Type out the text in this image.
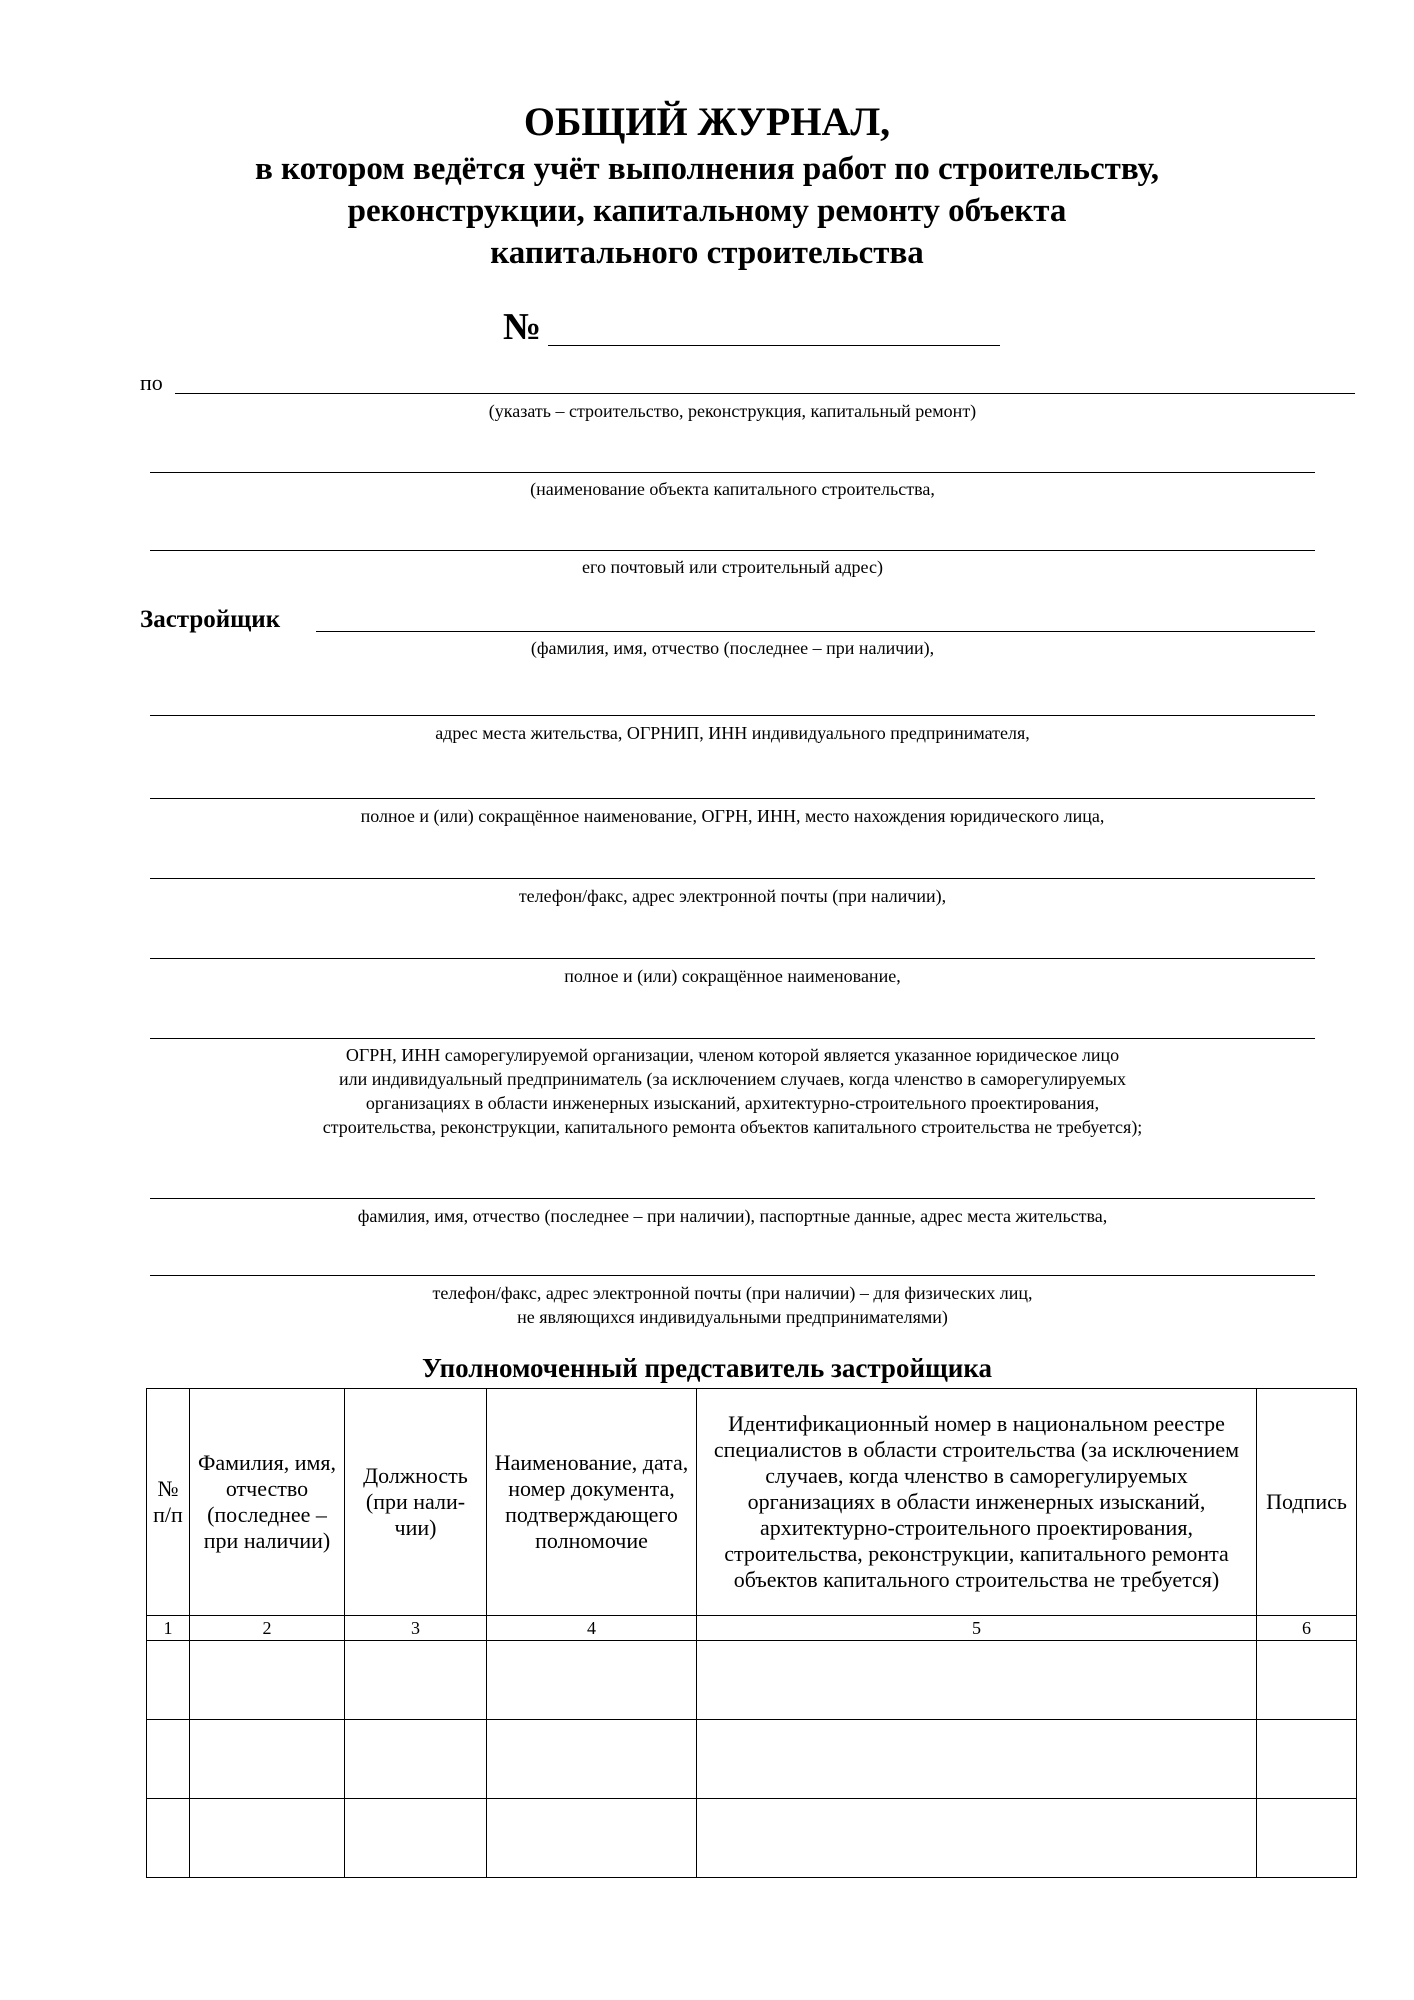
ОБЩИЙ ЖУРНАЛ,
в котором ведётся учёт выполнения работ по строительству,
реконструкции, капитальному ремонту объекта
капитального строительства
№
по
(указать – строительство, реконструкция, капитальный ремонт)
(наименование объекта капитального строительства,
его почтовый или строительный адрес)
Застройщик
(фамилия, имя, отчество (последнее – при наличии),
адрес места жительства, ОГРНИП, ИНН индивидуального предпринимателя,
полное и (или) сокращённое наименование, ОГРН, ИНН, место нахождения юридического лица,
телефон/факс, адрес электронной почты (при наличии),
полное и (или) сокращённое наименование,
ОГРН, ИНН саморегулируемой организации, членом которой является указанное юридическое лицо
или индивидуальный предприниматель (за исключением случаев, когда членство в саморегулируемых
организациях в области инженерных изысканий, архитектурно-строительного проектирования,
строительства, реконструкции, капитального ремонта объектов капитального строительства не требуется);
фамилия, имя, отчество (последнее – при наличии), паспортные данные, адрес места жительства,
телефон/факс, адрес электронной почты (при наличии) – для физических лиц,
не являющихся индивидуальными предпринимателями)
Уполномоченный представитель застройщика
№ п/п	Фамилия, имя, отчество (последнее – при наличии)	Должность (при нали-чии)	Наименование, дата, номер документа, подтверждающего полномочие	Идентификационный номер в национальном реестре специалистов в области строительства (за исключением случаев, когда членство в саморегулируемых организациях в области инженерных изысканий, архитектурно-строительного проектирования, строительства, реконструкции, капитального ремонта объектов капитального строительства не требуется)	Подпись
1	2	3	4	5	6
